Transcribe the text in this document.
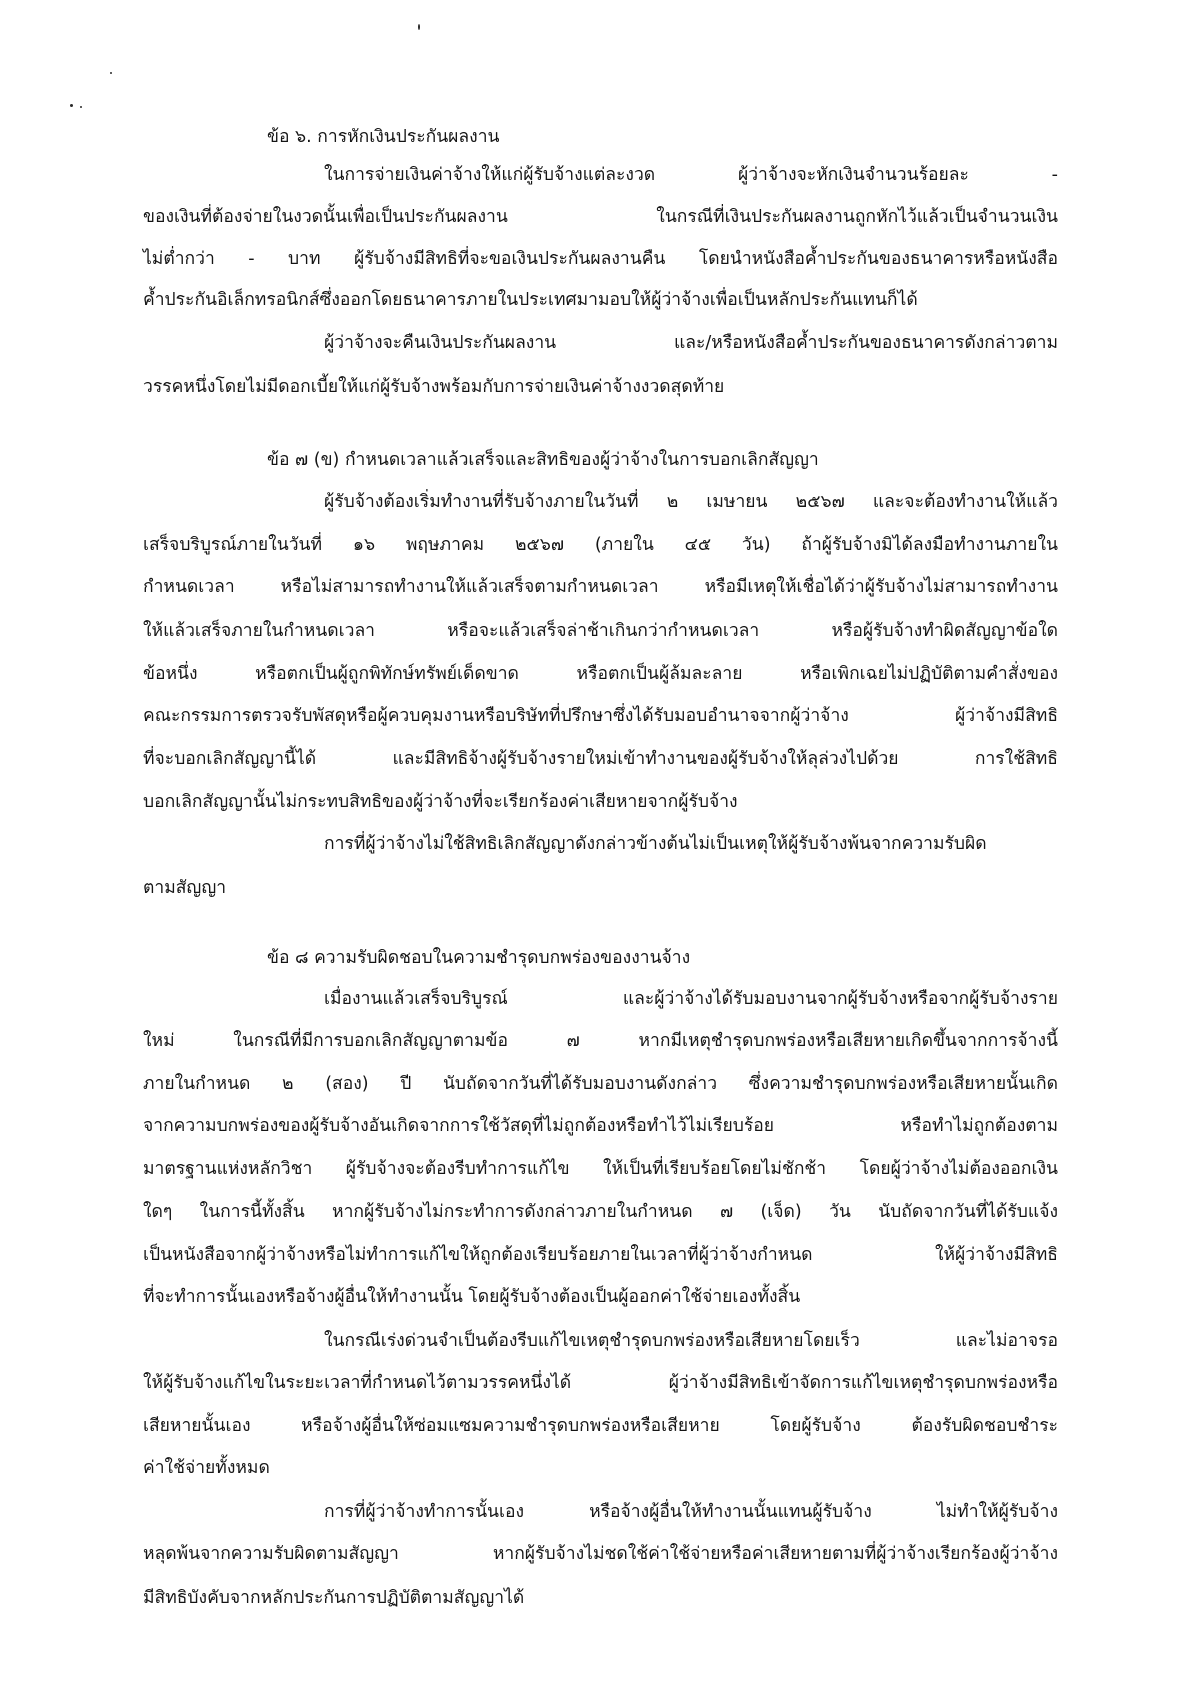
ข้อ ๖. การหักเงินประกันผลงาน
ในการจ่ายเงินค่าจ้างให้แก่ผู้รับจ้างแต่ละงวด ผู้ว่าจ้างจะหักเงินจำนวนร้อยละ -
ของเงินที่ต้องจ่ายในงวดนั้นเพื่อเป็นประกันผลงาน ในกรณีที่เงินประกันผลงานถูกหักไว้แล้วเป็นจำนวนเงิน
ไม่ต่ำกว่า - บาท ผู้รับจ้างมีสิทธิที่จะขอเงินประกันผลงานคืน โดยนำหนังสือค้ำประกันของธนาคารหรือหนังสือ
ค้ำประกันอิเล็กทรอนิกส์ซึ่งออกโดยธนาคารภายในประเทศมามอบให้ผู้ว่าจ้างเพื่อเป็นหลักประกันแทนก็ได้
ผู้ว่าจ้างจะคืนเงินประกันผลงาน และ/หรือหนังสือค้ำประกันของธนาคารดังกล่าวตาม
วรรคหนึ่งโดยไม่มีดอกเบี้ยให้แก่ผู้รับจ้างพร้อมกับการจ่ายเงินค่าจ้างงวดสุดท้าย
ข้อ ๗ (ข) กำหนดเวลาแล้วเสร็จและสิทธิของผู้ว่าจ้างในการบอกเลิกสัญญา
ผู้รับจ้างต้องเริ่มทำงานที่รับจ้างภายในวันที่ ๒ เมษายน ๒๕๖๗ และจะต้องทำงานให้แล้ว
เสร็จบริบูรณ์ภายในวันที่ ๑๖ พฤษภาคม ๒๕๖๗ (ภายใน ๔๕ วัน) ถ้าผู้รับจ้างมิได้ลงมือทำงานภายใน
กำหนดเวลา หรือไม่สามารถทำงานให้แล้วเสร็จตามกำหนดเวลา หรือมีเหตุให้เชื่อได้ว่าผู้รับจ้างไม่สามารถทำงาน
ให้แล้วเสร็จภายในกำหนดเวลา หรือจะแล้วเสร็จล่าช้าเกินกว่ากำหนดเวลา หรือผู้รับจ้างทำผิดสัญญาข้อใด
ข้อหนึ่ง หรือตกเป็นผู้ถูกพิทักษ์ทรัพย์เด็ดขาด หรือตกเป็นผู้ล้มละลาย หรือเพิกเฉยไม่ปฏิบัติตามคำสั่งของ
คณะกรรมการตรวจรับพัสดุหรือผู้ควบคุมงานหรือบริษัทที่ปรึกษาซึ่งได้รับมอบอำนาจจากผู้ว่าจ้าง ผู้ว่าจ้างมีสิทธิ
ที่จะบอกเลิกสัญญานี้ได้ และมีสิทธิจ้างผู้รับจ้างรายใหม่เข้าทำงานของผู้รับจ้างให้ลุล่วงไปด้วย การใช้สิทธิ
บอกเลิกสัญญานั้นไม่กระทบสิทธิของผู้ว่าจ้างที่จะเรียกร้องค่าเสียหายจากผู้รับจ้าง
การที่ผู้ว่าจ้างไม่ใช้สิทธิเลิกสัญญาดังกล่าวข้างต้นไม่เป็นเหตุให้ผู้รับจ้างพ้นจากความรับผิด
ตามสัญญา
ข้อ ๘ ความรับผิดชอบในความชำรุดบกพร่องของงานจ้าง
เมื่องานแล้วเสร็จบริบูรณ์ และผู้ว่าจ้างได้รับมอบงานจากผู้รับจ้างหรือจากผู้รับจ้างราย
ใหม่ ในกรณีที่มีการบอกเลิกสัญญาตามข้อ ๗ หากมีเหตุชำรุดบกพร่องหรือเสียหายเกิดขึ้นจากการจ้างนี้
ภายในกำหนด ๒ (สอง) ปี นับถัดจากวันที่ได้รับมอบงานดังกล่าว ซึ่งความชำรุดบกพร่องหรือเสียหายนั้นเกิด
จากความบกพร่องของผู้รับจ้างอันเกิดจากการใช้วัสดุที่ไม่ถูกต้องหรือทำไว้ไม่เรียบร้อย หรือทำไม่ถูกต้องตาม
มาตรฐานแห่งหลักวิชา ผู้รับจ้างจะต้องรีบทำการแก้ไข ให้เป็นที่เรียบร้อยโดยไม่ชักช้า โดยผู้ว่าจ้างไม่ต้องออกเงิน
ใดๆ ในการนี้ทั้งสิ้น หากผู้รับจ้างไม่กระทำการดังกล่าวภายในกำหนด ๗ (เจ็ด) วัน นับถัดจากวันที่ได้รับแจ้ง
เป็นหนังสือจากผู้ว่าจ้างหรือไม่ทำการแก้ไขให้ถูกต้องเรียบร้อยภายในเวลาที่ผู้ว่าจ้างกำหนด ให้ผู้ว่าจ้างมีสิทธิ
ที่จะทำการนั้นเองหรือจ้างผู้อื่นให้ทำงานนั้น โดยผู้รับจ้างต้องเป็นผู้ออกค่าใช้จ่ายเองทั้งสิ้น
ในกรณีเร่งด่วนจำเป็นต้องรีบแก้ไขเหตุชำรุดบกพร่องหรือเสียหายโดยเร็ว และไม่อาจรอ
ให้ผู้รับจ้างแก้ไขในระยะเวลาที่กำหนดไว้ตามวรรคหนึ่งได้ ผู้ว่าจ้างมีสิทธิเข้าจัดการแก้ไขเหตุชำรุดบกพร่องหรือ
เสียหายนั้นเอง หรือจ้างผู้อื่นให้ซ่อมแซมความชำรุดบกพร่องหรือเสียหาย โดยผู้รับจ้าง ต้องรับผิดชอบชำระ
ค่าใช้จ่ายทั้งหมด
การที่ผู้ว่าจ้างทำการนั้นเอง หรือจ้างผู้อื่นให้ทำงานนั้นแทนผู้รับจ้าง ไม่ทำให้ผู้รับจ้าง
หลุดพ้นจากความรับผิดตามสัญญา หากผู้รับจ้างไม่ชดใช้ค่าใช้จ่ายหรือค่าเสียหายตามที่ผู้ว่าจ้างเรียกร้องผู้ว่าจ้าง
มีสิทธิบังคับจากหลักประกันการปฏิบัติตามสัญญาได้
